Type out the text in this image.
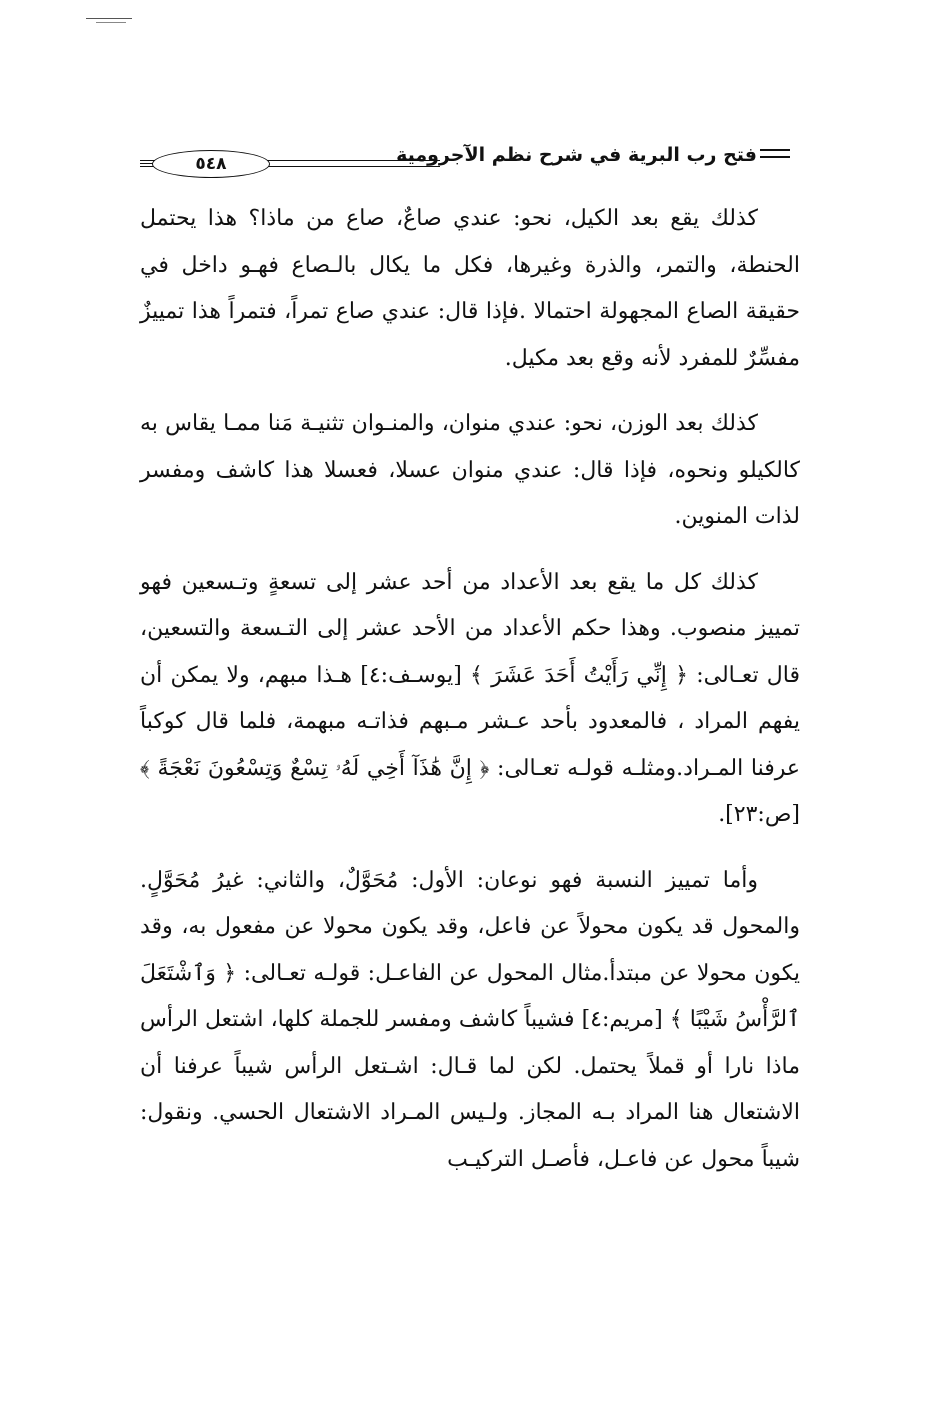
فتح رب البرية في شرح نظم الآجرومية
٥٤٨

كذلك يقع بعد الكيل، نحو: عندي صاعٌ، صاع من ماذا؟ هذا يحتمل الحنطة، والتمر، والذرة وغيرها، فكل ما يكال بالـصاع فهـو داخل في حقيقة الصاع المجهولة احتمالا .فإذا قال: عندي صاع تمراً، فتمراً هذا تمييزٌ مفسِّرٌ للمفرد لأنه وقع بعد مكيل.

كذلك بعد الوزن، نحو: عندي منوان، والمنـوان تثنيـة مَنا ممـا يقاس به كالكيلو ونحوه، فإذا قال: عندي منوان عسلا، فعسلا هذا كاشف ومفسر لذات المنوين.

كذلك كل ما يقع بعد الأعداد من أحد عشر إلى تسعةٍ وتـسعين فهو تمييز منصوب. وهذا حكم الأعداد من الأحد عشر إلى التـسعة والتسعين، قال تعـالى: ﴿ إِنِّي رَأَيْتُ أَحَدَ عَشَرَ ﴾ [يوسـف:٤] هـذا مبهم، ولا يمكن أن يفهم المراد ، فالمعدود بأحد عـشر مـبهم فذاتـه مبهمة، فلما قال كوكباً عرفنا المـراد.ومثلـه قولـه تعـالى: ﴿ إِنَّ هَٰذَآ أَخِي لَهُۥ تِسْعٌ وَتِسْعُونَ نَعْجَةً ﴾ [ص:٢٣].

وأما تمييز النسبة فهو نوعان: الأول: مُحَوَّلٌ، والثاني: غيرُ مُحَوَّلٍ. والمحول قد يكون محولاً عن فاعل، وقد يكون محولا عن مفعول به، وقد يكون محولا عن مبتدأ.مثال المحول عن الفاعـل: قولـه تعـالى: ﴿ وَٱشْتَعَلَ ٱلرَّأْسُ شَيْبًا ﴾ [مريم:٤] فشيباً كاشف ومفسر للجملة كلها، اشتعل الرأس ماذا نارا أو قملاً يحتمل. لكن لما قـال: اشـتعل الرأس شيباً عرفنا أن الاشتعال هنا المراد بـه المجاز. ولـيس المـراد الاشتعال الحسي. ونقول: شيباً محول عن فاعـل، فأصـل التركيـب
